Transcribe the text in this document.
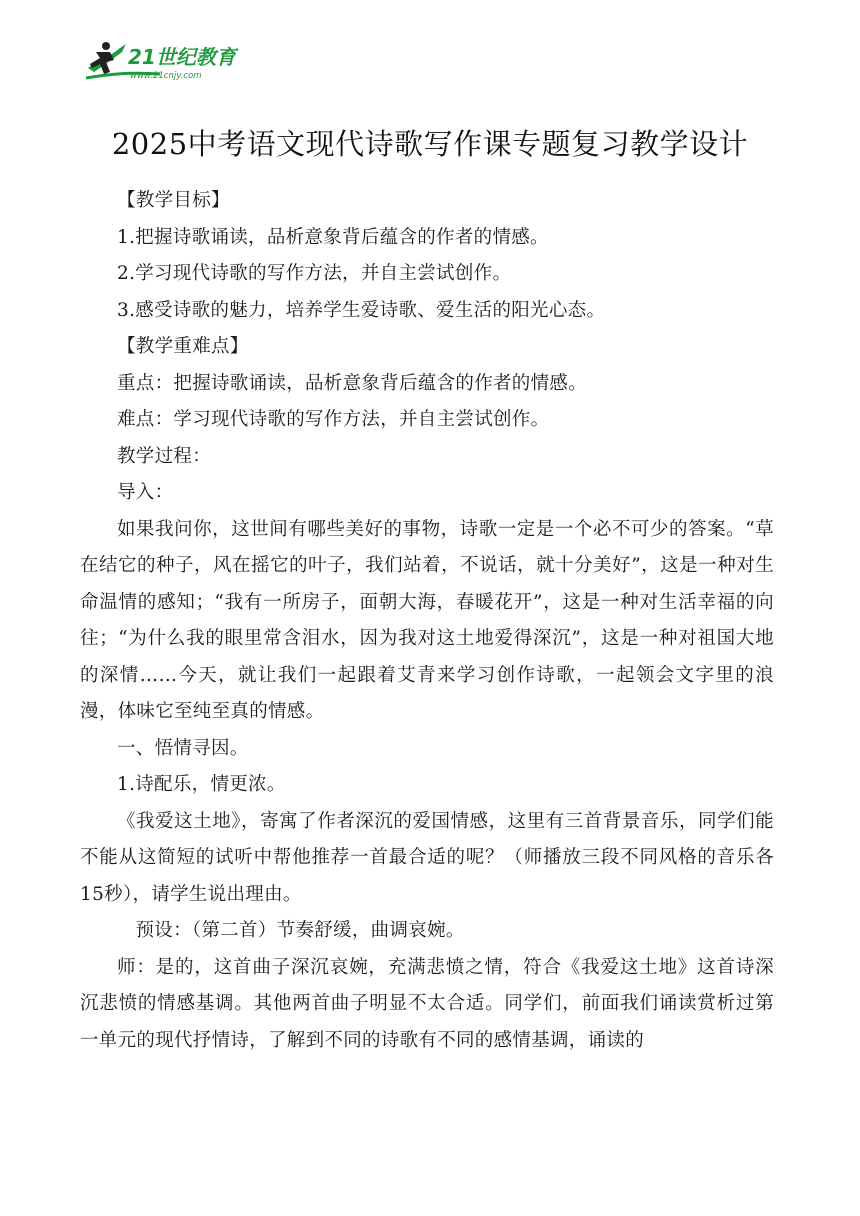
21世纪教育
www.21cnjy.com
2025中考语文现代诗歌写作课专题复习教学设计

【教学目标】

1.把握诗歌诵读，品析意象背后蕴含的作者的情感。

2.学习现代诗歌的写作方法，并自主尝试创作。

3.感受诗歌的魅力，培养学生爱诗歌、爱生活的阳光心态。

【教学重难点】

重点：把握诗歌诵读，品析意象背后蕴含的作者的情感。

难点：学习现代诗歌的写作方法，并自主尝试创作。

教学过程：

导入：

如果我问你，这世间有哪些美好的事物，诗歌一定是一个必不可少的答案。“草在结它的种子，风在摇它的叶子，我们站着，不说话，就十分美好”，这是一种对生命温情的感知；“我有一所房子，面朝大海，春暖花开”，这是一种对生活幸福的向往；“为什么我的眼里常含泪水，因为我对这土地爱得深沉”，这是一种对祖国大地的深情……今天，就让我们一起跟着艾青来学习创作诗歌，一起领会文字里的浪漫，体味它至纯至真的情感。

一、悟情寻因。

1.诗配乐，情更浓。

《我爱这土地》，寄寓了作者深沉的爱国情感，这里有三首背景音乐，同学们能不能从这简短的试听中帮他推荐一首最合适的呢？（师播放三段不同风格的音乐各15秒），请学生说出理由。

预设：（第二首）节奏舒缓，曲调哀婉。

师：是的，这首曲子深沉哀婉，充满悲愤之情，符合《我爱这土地》这首诗深沉悲愤的情感基调。其他两首曲子明显不太合适。同学们，前面我们诵读赏析过第一单元的现代抒情诗，了解到不同的诗歌有不同的感情基调，诵读的
